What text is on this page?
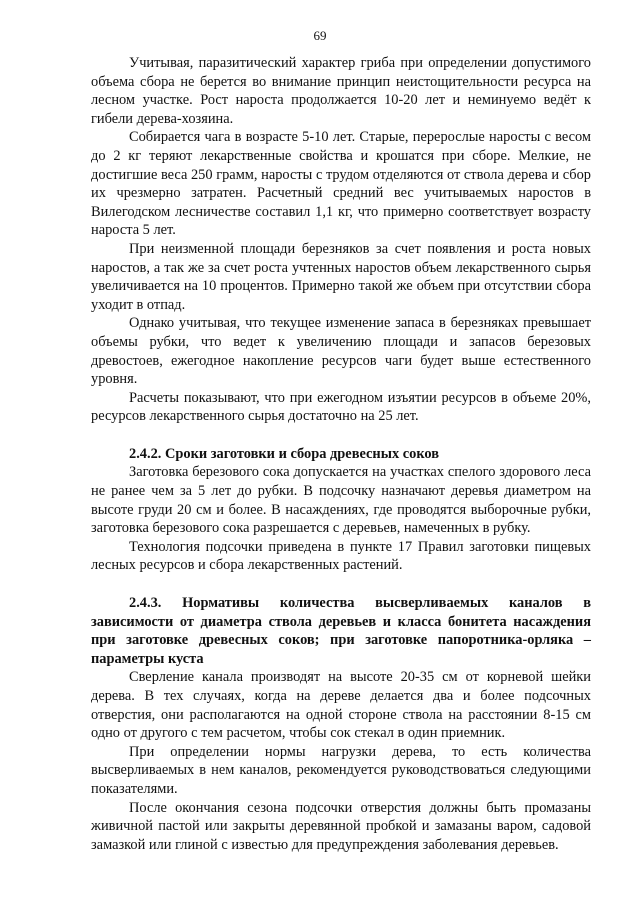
69

Учитывая, паразитический характер гриба при определении допустимого объема сбора не берется во внимание принцип неистощительности ресурса на лесном участке. Рост нароста продолжается 10-20 лет и неминуемо ведёт к гибели дерева-хозяина.

Собирается чага в возрасте 5-10 лет. Старые, перерослые наросты с весом до 2 кг теряют лекарственные свойства и крошатся при сборе. Мелкие, не достигшие веса 250 грамм, наросты с трудом отделяются от ствола дерева и сбор их чрезмерно затратен. Расчетный средний вес учитываемых наростов в Вилегодском лесничестве составил 1,1 кг, что примерно соответствует возрасту нароста 5 лет.

При неизменной площади березняков за счет появления и роста новых наростов, а так же за счет роста учтенных наростов объем лекарственного сырья увеличивается на 10 процентов. Примерно такой же объем при отсутствии сбора уходит в отпад.

Однако учитывая, что текущее изменение запаса в березняках превышает объемы рубки, что ведет к увеличению площади и запасов березовых древостоев, ежегодное накопление ресурсов чаги будет выше естественного уровня.

Расчеты показывают, что при ежегодном изъятии ресурсов в объеме 20%, ресурсов лекарственного сырья достаточно на 25 лет.

2.4.2. Сроки заготовки и сбора древесных соков

Заготовка березового сока допускается на участках спелого здорового леса не ранее чем за 5 лет до рубки. В подсочку назначают деревья диаметром на высоте груди 20 см и более. В насаждениях, где проводятся выборочные рубки, заготовка березового сока разрешается с деревьев, намеченных в рубку.

Технология подсочки приведена в пункте 17 Правил заготовки пищевых лесных ресурсов и сбора лекарственных растений.

2.4.3. Нормативы количества высверливаемых каналов в зависимости от диаметра ствола деревьев и класса бонитета насаждения при заготовке древесных соков; при заготовке папоротника-орляка – параметры куста

Сверление канала производят на высоте 20-35 см от корневой шейки дерева. В тех случаях, когда на дереве делается два и более подсочных отверстия, они располагаются на одной стороне ствола на расстоянии 8-15 см одно от другого с тем расчетом, чтобы сок стекал в один приемник.

При определении нормы нагрузки дерева, то есть количества высверливаемых в нем каналов, рекомендуется руководствоваться следующими показателями.

После окончания сезона подсочки отверстия должны быть промазаны живичной пастой или закрыты деревянной пробкой и замазаны варом, садовой замазкой или глиной с известью для предупреждения заболевания деревьев.
